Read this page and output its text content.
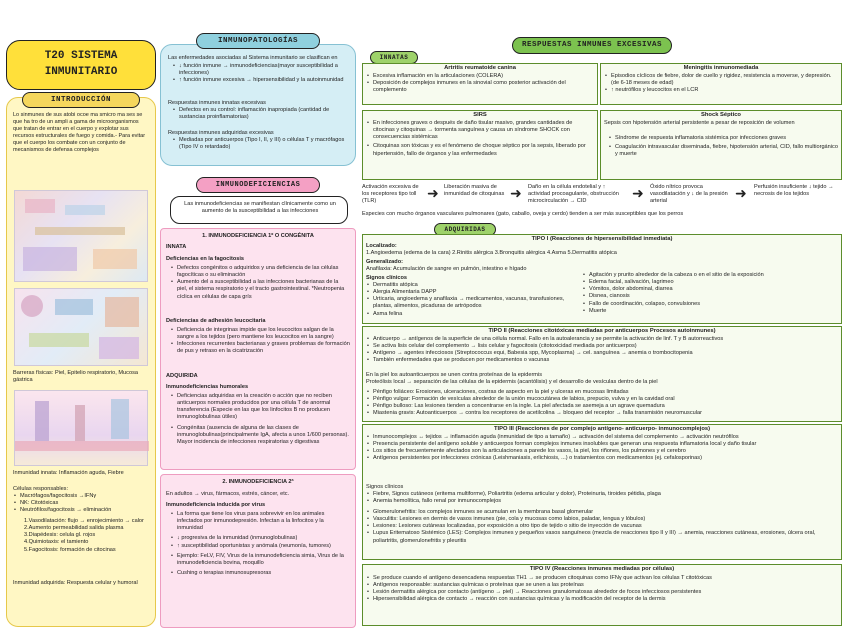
T20 SISTEMA
INMUNITARIO
INTRODUCCIÓN
Lo sinmunes de sus atobi ocoe ma smicro ma ses se que ha tro de un ampli a gama de microorganismos que tratan de entrar en el cuerpo y explotar sus recursos estructurales de fuego y comida.- Para evitar que el cuerpo los combate con un conjunto de mecanismos de defensa complejos
Barreras físicas: Piel, Epitelio respiratorio, Mucosa gástrica
Inmunidad innata: Inflamación aguda, Fiebre
Células responsables:
• Macrófagos/fagocitosis →IFNγ
• NK: Citotóxicas
• Neutrófilos/fagocitosis → eliminación
1.Vasodilatación: flujo → enrojecimiento → calor
2.Aumento permeabilidad salida plasma
3.Diapédesis: celula gl. rojos
4.Quimiotaxis: el tamiento
5.Fagocitosis: formación de citocinas
Inmunidad adquirida: Respuesta celular y humoral
INMUNOPATOLOGÍAS
Las enfermedades asociadas al Sistema inmunitario se clasifican en
• ↓ función inmune → inmunodeficiencias(mayor susceptibilidad a infecciones)
• ↑ función inmune excesiva → hipersensibilidad y la autoinmunidad
Respuestas inmunes innatas excesivas
• Defectos en su control: inflamación inapropiada (cantidad de sustancias proinflamatorias)
Respuestas inmunes adquiridas excesivas
• Mediadas por anticuerpos (Tipo I, II, y III) o células T y macrófagos (Tipo IV o retardado)
INMUNODEFICIENCIAS
Las inmunodeficiencias se manifiestan clínicamente como un aumento de la susceptibilidad a las infecciones
1. INMUNODEFICIENCIA 1º O CONGÉNITA
INNATA
Deficiencias en la fagocitosis
• Defectos congénitos o adquiridos y una deficiencia de las células fagocíticas o su eliminación
• Aumento del a susceptibilidad a las infecciones bacterianas de la piel, el sistema respiratorio y el tracto gastrointestinal. *Neutropenia cíclica en células de capa grís
Deficiencias de adhesión leucocitaria
• Deficiencia de integrinas impide que los leucocitos salgan de la sangre a los tejidos (pero mantiene los leucocitos en la sangre)
• Infecciones recurrentes bacterianas y graves problemas de formación de pus y retraso en la cicatrización
ADQUIRIDA
Inmunodeficiencias humorales
• Deficiencias adquiridas en la creación o acción que no reciben anticuerpos normales producidos por una célula T de anormal transferencia (Especie en las que los linfocitos B no producen inmunoglobulinas útiles)
• Congénitas (ausencia de alguna de las clases de inmunoglobulinas(principalmente IgA, afecta a unos 1/600 personas). Mayor incidencia de infecciones respiratorias y digestivas
2. INMUNODEFICIENCIA 2ª
En adultos → virus, fármacos, estrés, cáncer, etc.
Inmunodeficiencia inducida por virus
• La forma que tiene los virus para sobrevivir en los animales infectados por inmunodepresión. Infectan a la linfocitos y la inmunidad
• ↓ progresiva de la inmunidad (inmunoglobulinas)
• ↑ susceptibilidad oportunistas y anómala (neumonía, tumores)
• Ejemplo: FeLV, FIV, Virus de la inmunodeficiencia simia, Virus de la inmunodeficiencia bovina, moquillo
• Cushing o terapias inmunosupresoras
RESPUESTAS INMUNES EXCESIVAS
INNATAS
Artritis reumatoide canina
• Excesiva inflamación en la articulaciones (COLERA)
• Deposición de complejos inmunes en la sinovial como posterior activación del complemento
Meningitis inmunomediada
• Episodios cíclicos de fiebre, dolor de cuello y rigidez, resistencia a moverse, y depresión. (de 6-18 meses de edad)
• ↑ neutrófilos y leucocitos en el LCR
SIRS
• En infecciones graves o después de daño tisular masivo, grandes cantidades de citocinas y citoquinas → tormenta sanguínea y causa un síndrome SHOCK con consecuencias sistémicas
• Citoquinas son tóxicas y es el fenómeno de choque séptico por la sepsis, liberado por hipertensión, fallo de órganos y las enfermedades
Shock Séptico
Sepsis con hipotensión arterial persistente a pesar de reposición de volumen
• Síndrome de respuesta inflamatoria sistémica por infecciones graves
• Coagulación intravascular diseminada, fiebre, hipotensión arterial, CID, fallo multiorgánico y muerte
Activación excesiva de los receptores tipo toll (TLR)
➜ Liberación masiva de inmunidad de citoquinas ➜ Daño en la célula endotelial y ↑ actividad procoagulante, obstrucción microcirculación → CID
➜ Óxido nítrico provoca vasodilatación y ↓ de la presión arterial
➜ Perfusión insuficiente ↓ tejido → necrosis de los tejidos
Especies con mucho órganos vasculares pulmonares (gato, caballo, oveja y cerdo) tienden a ser más susceptibles que los perros
ADQUIRIDAS
TIPO I (Reacciones de hipersensibilidad inmediata)
Localizado:
1.Angioedema (edema de la cara) 2.Rinitis alérgica 3.Bronquitis alérgica 4.Asma 5.Dermatitis atópica
Generalizado:
Anafilaxia: Acumulación de sangre en pulmón, intestino e hígado
Signos clínicos
• Dermatitis atópica
• Alergia Alimentaria DAPP
• Urticaria, angioedema y anafilaxia → medicamentos, vacunas, transfusiones, plantas, alimentos, picaduras de artrópodos
• Asma felina
• Agitación y prurito alrededor de la cabeza o en el sitio de la exposición
• Edema facial, salivación, lagrimeo
• Vómitos, dolor abdominal, diarrea
• Disnea, cianosis
• Fallo de coordinación, colapso, convulsiones
• Muerte
TIPO II (Reacciones citotóxicas mediadas por anticuerpos Procesos autoinmunes)
• Anticuerpo → antígenos de la superficie de una célula normal. Fallo en la autoalerancia y se permite la activación de linf. T y B autorreactivos
• Se activa lisis celular del complemento → lisis celular y fagocitosis (citotoxicidad mediada por anticuerpos)
• Antígeno → agentes infecciosos (Streptococcus equi, Babesia spp, Mycoplasma) → cel. sanguínea → anemia o trombocitopenia
• También enfermedades que se producen por medicamentos o vacunas
En la piel los autoanticuerpos se unen contra proteínas de la epidermis
Proteólisis local → separación de las células de la epidermis (acantólisis) y el desarrollo de vesículas dentro de la piel
• Pénfigo foliáceo: Erosiones, ulceraciones, costras de aspecto en la piel y ulceras en mucosas limitadas
• Pénfigo vulgar: Formación de vesículas alrededor de la unión mucocutánea de labios, prepucio, vulva y en la cavidad oral
• Pénfigo bulloso: Las lesiones tienden a concentrarse en la ingle. La piel afectada se asemeja a un agrave quemadura
• Miastenia gravis: Autoanticuerpos → contra los receptores de acetilcolina → bloqueo del receptor → falla transmisión neuromuscular
TIPO III (Reacciones de por complejo antígeno- anticuerpo- inmunocomplejos)
• Inmunocomplejos ↔ tejidos → inflamación aguda (inmunidad de tipo a tamaño) → activación del sistema del complemento → activación neutrófilos
• Presencia persistente del antígeno soluble y anticuerpos forman complejos inmunes insolubles que generan una respuesta inflamatoria local y daño tisular
• Los sitios de frecuentemente afectados son la articulaciones a parede los vasos, la piel, los riñones, los pulmones y el cerebro
• Antígenos persistentes por infecciones crónicas (Leishmaniasis, erlichiosis, ...) o tratamientos con medicamentos (ej. cefalosporinas)
Signos clínicos
• Fiebre, Signos cutáneos (eritema multiforme), Poliartritis (edema articular y dolor), Proteinuria, tiroides pétidia, plaga
• Anemia hemolítica, fallo renal por inmunocomplejos
• Glomerulonefritis: los complejos inmunes se acumulan en la membrana basal glomerular
• Vasculitis: Lesiones en dermis de vasos inmunes (pie, cola y mucosas como labios, paladar, lengua y lóbulos)
• Lesiones: Lesiones cutáneas localizadas, por exposición a otro tipo de tejido o sitio de inyección de vacunas
• Lupus Eritematoso Sistémico (LES): Complejos inmunes y pequeños vasos sanguíneos (mezcla de reacciones tipo II y III) → anemia, reacciones cutáneas, erosiones, úlcera oral, poliartritis, glomerulonefritis y pleuritis
TIPO IV (Reacciones inmunes mediadas por células)
• Se produce cuando el antígeno desencadena respuestas TH1 → se producen citoquinas como IFNγ que activan los células T citotóxicas
• Antígenos responsable: sustancias químicas o proteínas que se unen a las proteínas
• Lesión dermatitis alérgica por contacto (antígeno → piel) → Reacciones granulomatosas alrededor de focos infecciosos persistentes
• Hipersensibilidad alérgica de contacto → reacción con sustancias químicas y la modificación del receptor de la dermis
